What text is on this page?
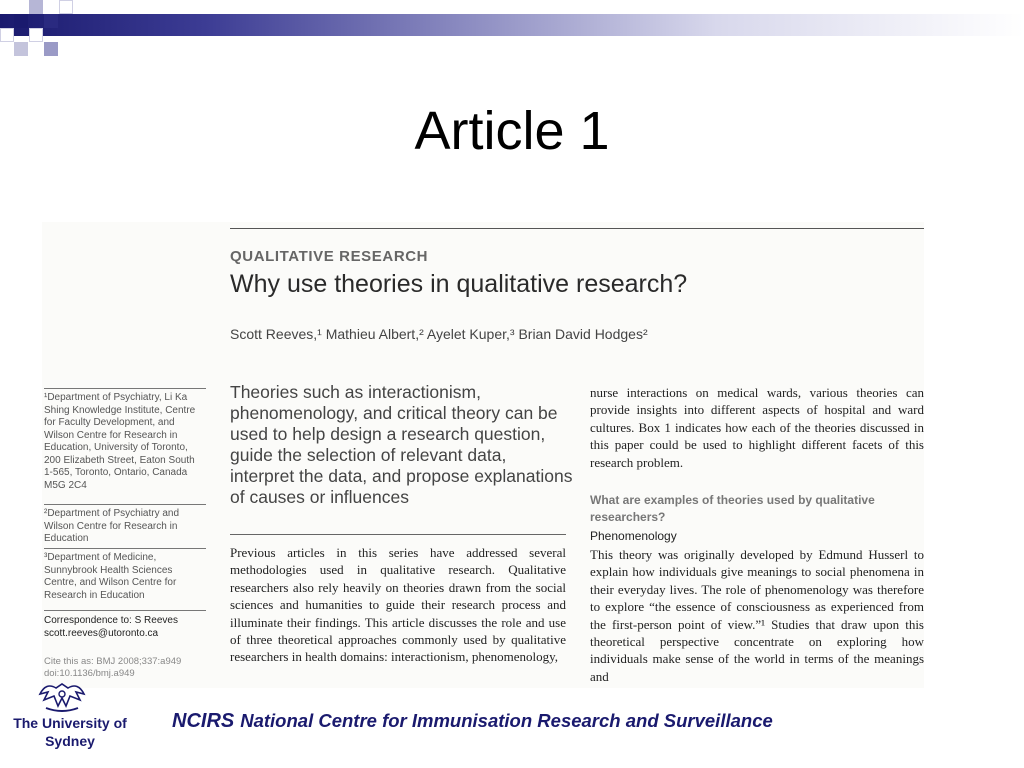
Article 1
QUALITATIVE RESEARCH
Why use theories in qualitative research?
Scott Reeves,¹ Mathieu Albert,² Ayelet Kuper,³ Brian David Hodges²
¹Department of Psychiatry, Li Ka Shing Knowledge Institute, Centre for Faculty Development, and Wilson Centre for Research in Education, University of Toronto, 200 Elizabeth Street, Eaton South 1-565, Toronto, Ontario, Canada M5G 2C4
²Department of Psychiatry and Wilson Centre for Research in Education
³Department of Medicine, Sunnybrook Health Sciences Centre, and Wilson Centre for Research in Education
Correspondence to: S Reeves scott.reeves@utoronto.ca
Cite this as: BMJ 2008;337:a949 doi:10.1136/bmj.a949
Theories such as interactionism, phenomenology, and critical theory can be used to help design a research question, guide the selection of relevant data, interpret the data, and propose explanations of causes or influences
Previous articles in this series have addressed several methodologies used in qualitative research. Qualitative researchers also rely heavily on theories drawn from the social sciences and humanities to guide their research process and illuminate their findings. This article discusses the role and use of three theoretical approaches commonly used by qualitative researchers in health domains: interactionism, phenomenology,
nurse interactions on medical wards, various theories can provide insights into different aspects of hospital and ward cultures. Box 1 indicates how each of the theories discussed in this paper could be used to highlight different facets of this research problem.
What are examples of theories used by qualitative researchers?
Phenomenology
This theory was originally developed by Edmund Husserl to explain how individuals give meanings to social phenomena in their everyday lives. The role of phenomenology was therefore to explore “the essence of consciousness as experienced from the first-person point of view.”¹ Studies that draw upon this theoretical perspective concentrate on exploring how individuals make sense of the world in terms of the meanings and
The University of Sydney
NCIRS National Centre for Immunisation Research and Surveillance
